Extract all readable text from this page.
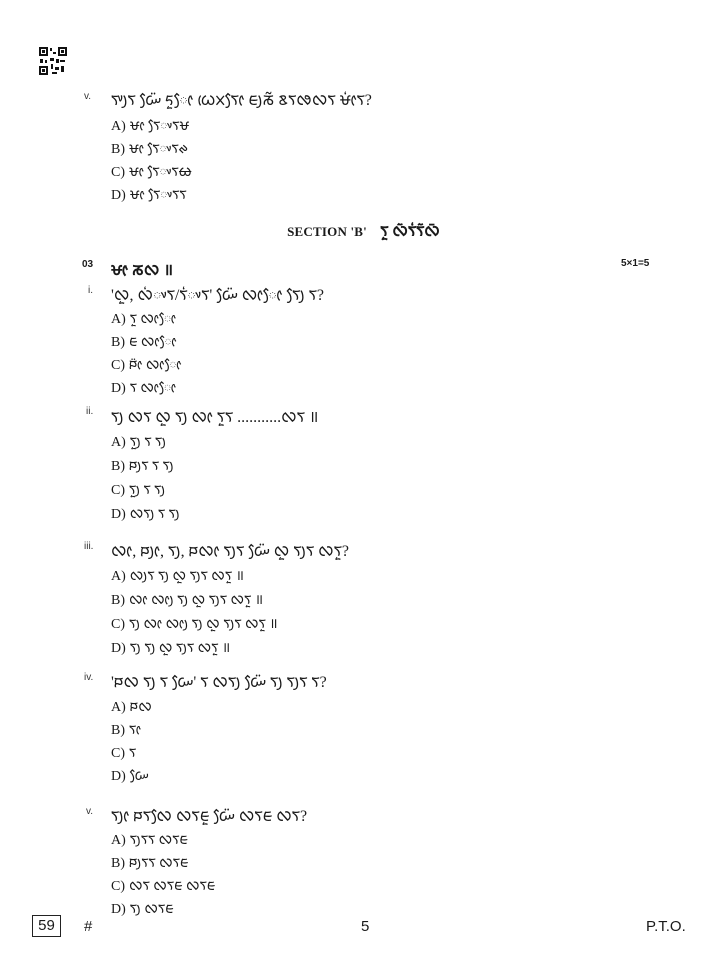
v. ᰛᰤᰪᰛ ᰠᰧᰮ ᰁᰬᰧᰦ ᰃᰨᰞᰛᰧᰦ ᰀᰪᰕᰲ ᰣᰛᰒᰜᰛ ᰝᰦᰭᰛ?
A) ᰝᰦ ᰛᰧᰤᰛᰝ
B) ᰝᰦ ᰛᰧᰤᰛᰊ
C) ᰝᰦ ᰛᰧᰤᰛᰄ
D) ᰝᰦ ᰛᰧᰤᰛᰛ
SECTION 'B' ᰛᰬ ᰜᰶᰛᰭᰛᰶᰜᰳ
03 ᰝᰦ ᰕᰜ ॥	5×1=5
i. 'ᰜᰬ, ᰜᰭᰤᰛ/ᰛᰭᰤᰛ' ᰠᰧᰮ ᰜᰦᰧᰦ ᰛᰧᰪ ᰛ?
A) ᰛᰬ ᰜᰦᰧᰦ
B) ᰀ ᰜᰦᰧᰦ
C) ᰐᰦᰮ ᰜᰦᰧᰦ
D) ᰛ ᰜᰦᰧᰦ
ii. ᰛᰪ ᰜᰛ ᰜᰬ ᰛᰪ ᰜᰦ ᰛᰬᰛ ...........ᰜᰛ ॥
A) ᰛᰬᰪ ᰛ ᰛᰪ
B) ᰐᰪᰛ ᰛ ᰛᰪ
C) ᰛᰬᰪ ᰛ ᰛᰪ
D) ᰜᰛᰪ ᰛ ᰛᰪ
iii. ᰜᰦ, ᰐᰪᰦ, ᰛᰪ, ᰐᰜᰦ ᰛᰪᰛ ᰠᰧᰮ ᰜᰬ ᰛᰪᰛ ᰜᰛᰬ?
A) ᰜᰪᰛ ᰛᰪ ᰜᰬ ᰛᰪᰛ ᰜᰛᰬ ॥
B) ᰜᰦ ᰜᰦᰪ ᰛᰪ ᰜᰬ ᰛᰪᰛ ᰜᰛᰬ ॥
C) ᰛᰪ ᰜᰦ ᰜᰦᰪ ᰛᰪ ᰜᰬ ᰛᰪᰛ ᰜᰛᰬ ॥
D) ᰛᰪ ᰛᰪ ᰜᰬ ᰛᰪᰛ ᰜᰛᰬ ॥
iv. 'ᰐᰜ ᰛᰪ ᰛ ᰠᰧ' ᰛ ᰜᰛᰪ ᰠᰧᰮ ᰛᰪ ᰛᰪᰛ ᰛ?
A) ᰐᰜ
B) ᰛᰦ
C) ᰛ
D) ᰠᰧ
v. ᰛᰪᰦ ᰐᰛᰜᰧ ᰜᰛᰀᰬ ᰠᰧᰮ ᰜᰛᰀ ᰜᰛ?
A) ᰛᰪᰛᰛ ᰜᰛᰀ
B) ᰐᰪᰛᰛ ᰜᰛᰀ
C) ᰜᰛ ᰜᰛᰀ ᰜᰛᰀ
D) ᰛᰪ ᰜᰛᰀ
59	#	5	P.T.O.
